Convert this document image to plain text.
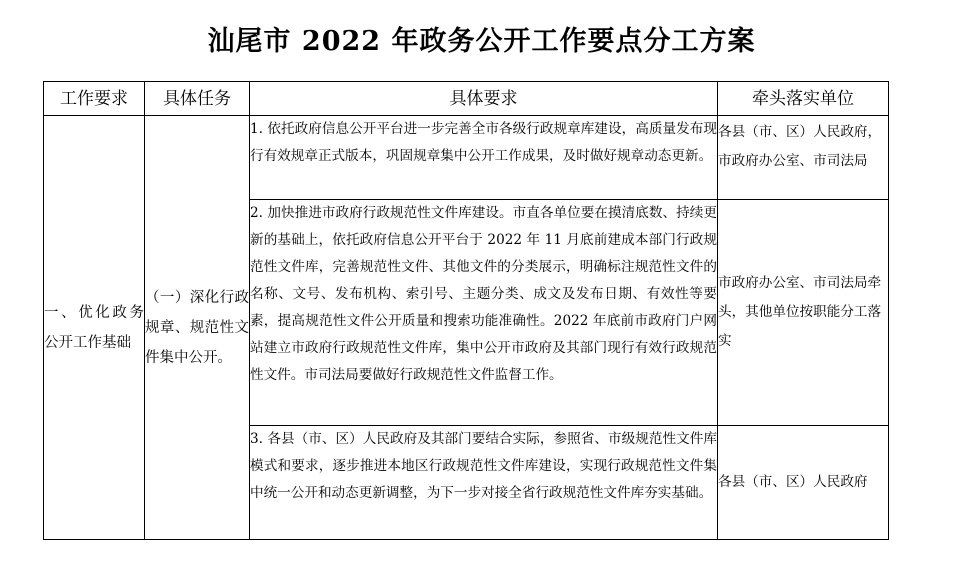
汕尾市 2022 年政务公开工作要点分工方案
工作要求	具体任务	具体要求	牵头落实单位
一、优化政务公开工作基础	（一）深化行政规章、规范性文件集中公开。	1. 依托政府信息公开平台进一步完善全市各级行政规章库建设，高质量发布现行有效规章正式版本，巩固规章集中公开工作成果，及时做好规章动态更新。	各县（市、区）人民政府，市政府办公室、市司法局
		2. 加快推进市政府行政规范性文件库建设。市直各单位要在摸清底数、持续更新的基础上，依托政府信息公开平台于 2022 年 11 月底前建成本部门行政规范性文件库，完善规范性文件、其他文件的分类展示，明确标注规范性文件的名称、文号、发布机构、索引号、主题分类、成文及发布日期、有效性等要素，提高规范性文件公开质量和搜索功能准确性。2022 年底前市政府门户网站建立市政府行政规范性文件库，集中公开市政府及其部门现行有效行政规范性文件。市司法局要做好行政规范性文件监督工作。	市政府办公室、市司法局牵头，其他单位按职能分工落实
		3. 各县（市、区）人民政府及其部门要结合实际，参照省、市级规范性文件库模式和要求，逐步推进本地区行政规范性文件库建设，实现行政规范性文件集中统一公开和动态更新调整，为下一步对接全省行政规范性文件库夯实基础。	各县（市、区）人民政府
